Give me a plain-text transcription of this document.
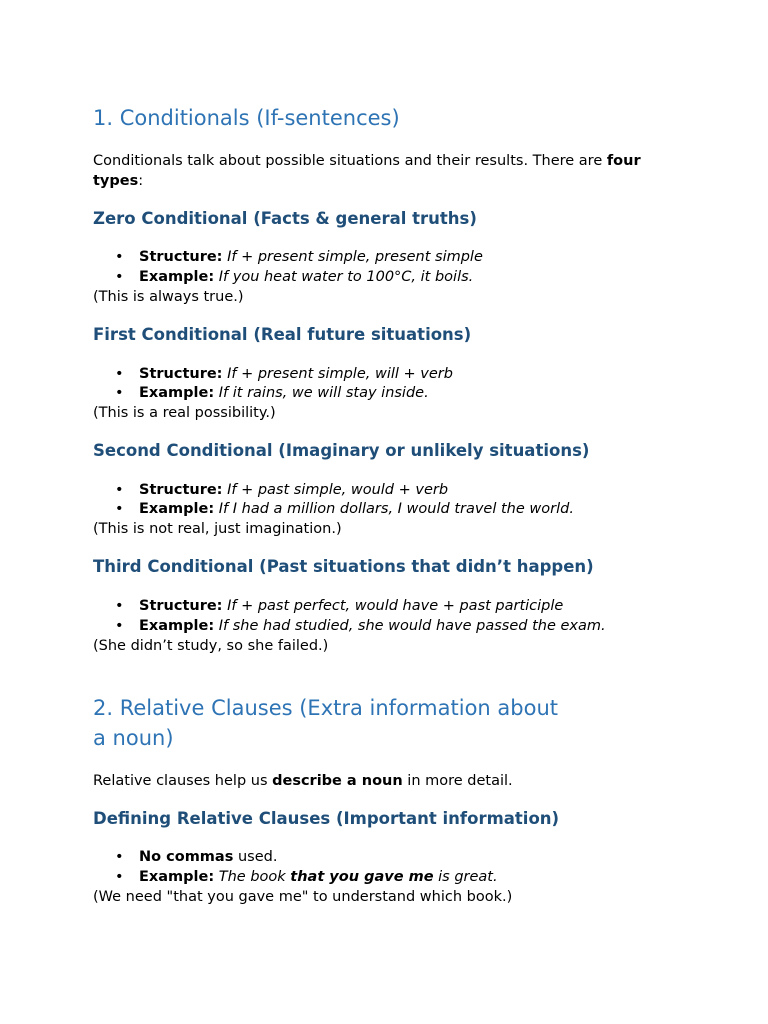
1. Conditionals (If-sentences)

Conditionals talk about possible situations and their results. There are four types:

Zero Conditional (Facts & general truths)
• Structure: If + present simple, present simple
• Example: If you heat water to 100°C, it boils.

(This is always true.)

First Conditional (Real future situations)
• Structure: If + present simple, will + verb
• Example: If it rains, we will stay inside.

(This is a real possibility.)

Second Conditional (Imaginary or unlikely situations)
• Structure: If + past simple, would + verb
• Example: If I had a million dollars, I would travel the world.

(This is not real, just imagination.)

Third Conditional (Past situations that didn’t happen)
• Structure: If + past perfect, would have + past participle
• Example: If she had studied, she would have passed the exam.

(She didn’t study, so she failed.)

2. Relative Clauses (Extra information about
a noun)

Relative clauses help us describe a noun in more detail.

Defining Relative Clauses (Important information)
• No commas used.
• Example: The book that you gave me is great.

(We need "that you gave me" to understand which book.)
